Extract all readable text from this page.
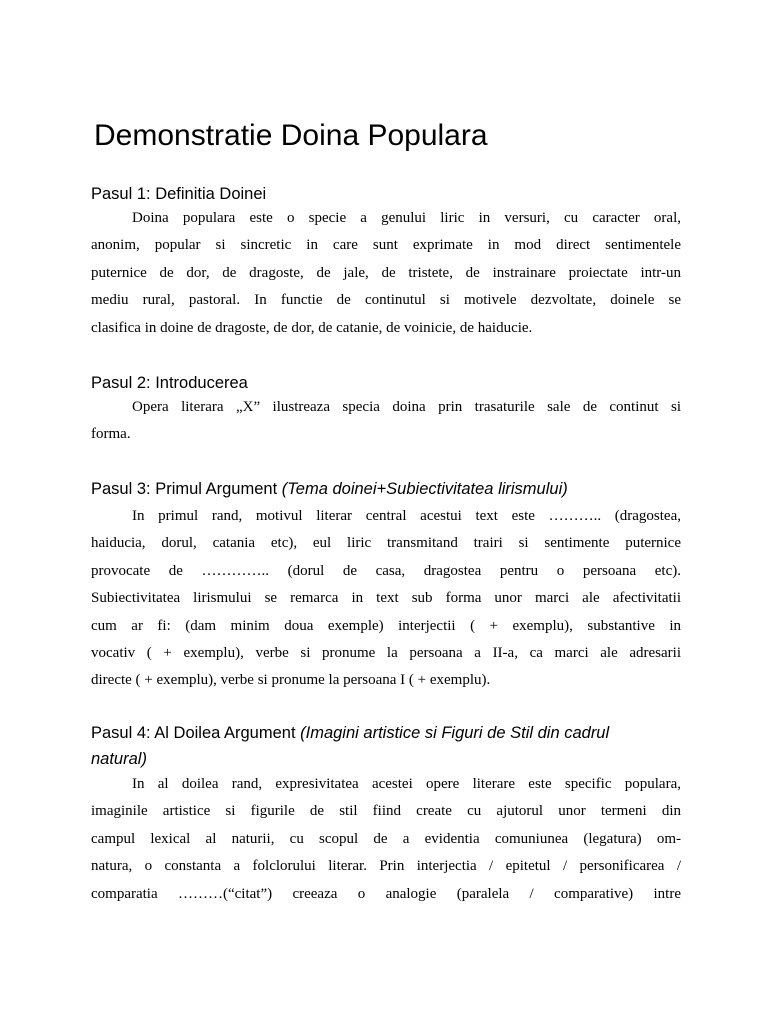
Demonstratie Doina Populara
Pasul 1: Definitia Doinei
Doina populara este o specie a genului liric in versuri, cu caracter oral,
anonim, popular si sincretic in care sunt exprimate in mod direct sentimentele
puternice de dor, de dragoste, de jale, de tristete, de instrainare proiectate intr-un
mediu rural, pastoral. In functie de continutul si motivele dezvoltate, doinele se
clasifica in doine de dragoste, de dor, de catanie, de voinicie, de haiducie.
Pasul 2: Introducerea
Opera literara „X” ilustreaza specia doina prin trasaturile sale de continut si
forma.
Pasul 3: Primul Argument (Tema doinei+Subiectivitatea lirismului)
In primul rand, motivul literar central acestui text este ……….. (dragostea,
haiducia, dorul, catania etc), eul liric transmitand trairi si sentimente puternice
provocate de ………….. (dorul de casa, dragostea pentru o persoana etc).
Subiectivitatea lirismului se remarca in text sub forma unor marci ale afectivitatii
cum ar fi: (dam minim doua exemple) interjectii ( + exemplu), substantive in
vocativ ( + exemplu), verbe si pronume la persoana a II-a, ca marci ale adresarii
directe ( + exemplu), verbe si pronume la persoana I ( + exemplu).
Pasul 4: Al Doilea Argument (Imagini artistice si Figuri de Stil din cadrul
natural)
In al doilea rand, expresivitatea acestei opere literare este specific populara,
imaginile artistice si figurile de stil fiind create cu ajutorul unor termeni din
campul lexical al naturii, cu scopul de a evidentia comuniunea (legatura) om-
natura, o constanta a folclorului literar. Prin interjectia / epitetul / personificarea /
comparatia ………(“citat”) creeaza o analogie (paralela / comparative) intre
